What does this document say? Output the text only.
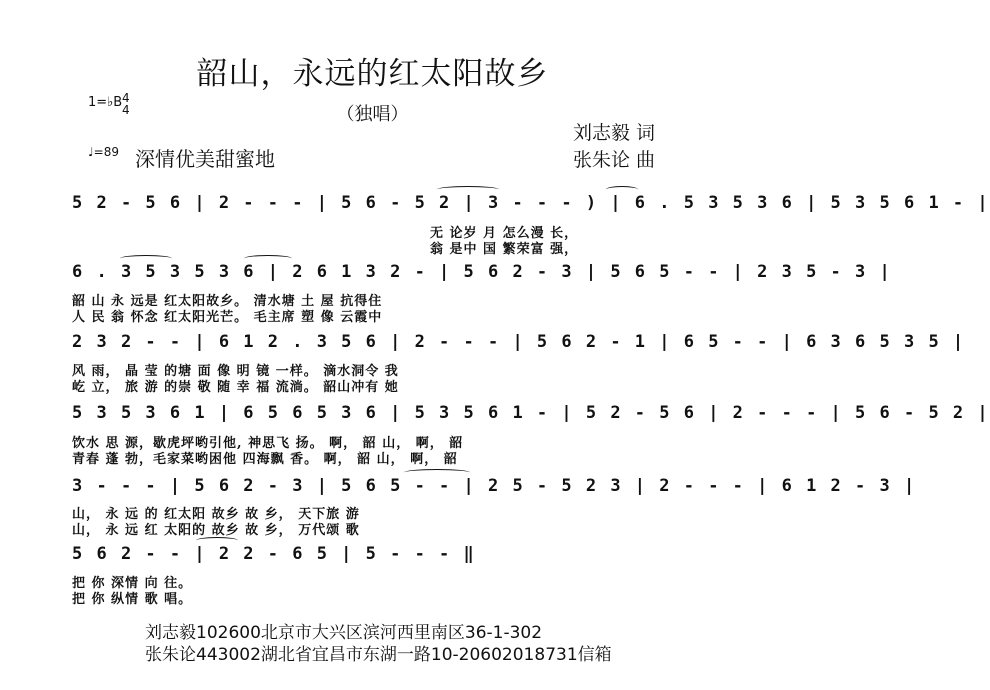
韶山，永远的红太阳故乡
（独唱）
1=♭B 4
4
♩=89 深情优美甜蜜地
刘志毅 词
张朱论 曲
5 2 - 5 6 | 2 - - - | 5 6 - 5 2 | 3 - - - ) | 6 . 5 3 5 3 6 | 5 3 5 6 1 - |
无 论岁 月 怎么漫 长，
翁 是中 国 繁荣富 强，
6 . 3 5 3 5 3 6 | 2 6 1 3 2 - | 5 6 2 - 3 | 5 6 5 - - | 2 3 5 - 3 |
韶 山 永 远是 红太阳故乡。 清水塘 土 屋 抗得住
人 民 翁 怀念 红太阳光芒。 毛主席 塑 像 云霞中
2 3 2 - - | 6 1 2 . 3 5 6 | 2 - - - | 5 6 2 - 1 | 6 5 - - | 6 3 6 5 3 5 |
风 雨， 晶 莹 的塘 面 像 明 镜 一样。 滴水洞令 我
屹 立， 旅 游 的崇 敬 随 幸 福 流淌。 韶山冲有 她
5 3 5 3 6 1 | 6 5 6 5 3 6 | 5 3 5 6 1 - | 5 2 - 5 6 | 2 - - - | 5 6 - 5 2 |
饮水 思 源，歇虎坪哟引他, 神思飞 扬。 啊， 韶 山， 啊， 韶
青春 蓬 勃，毛家菜哟困他 四海飘 香。 啊， 韶 山， 啊， 韶
3 - - - | 5 6 2 - 3 | 5 6 5 - - | 2 5 - 5 2 3 | 2 - - - | 6 1 2 - 3 |
山， 永 远 的 红太阳 故乡 故 乡， 天下旅 游
山， 永 远 红 太阳的 故乡 故 乡， 万代颂 歌
5 6 2 - - | 2 2 - 6 5 | 5 - - - ‖
把 你 深情 向 往。
把 你 纵情 歌 唱。
刘志毅102600北京市大兴区滨河西里南区36-1-302
张朱论443002湖北省宜昌市东湖一路10-20602018731信箱
